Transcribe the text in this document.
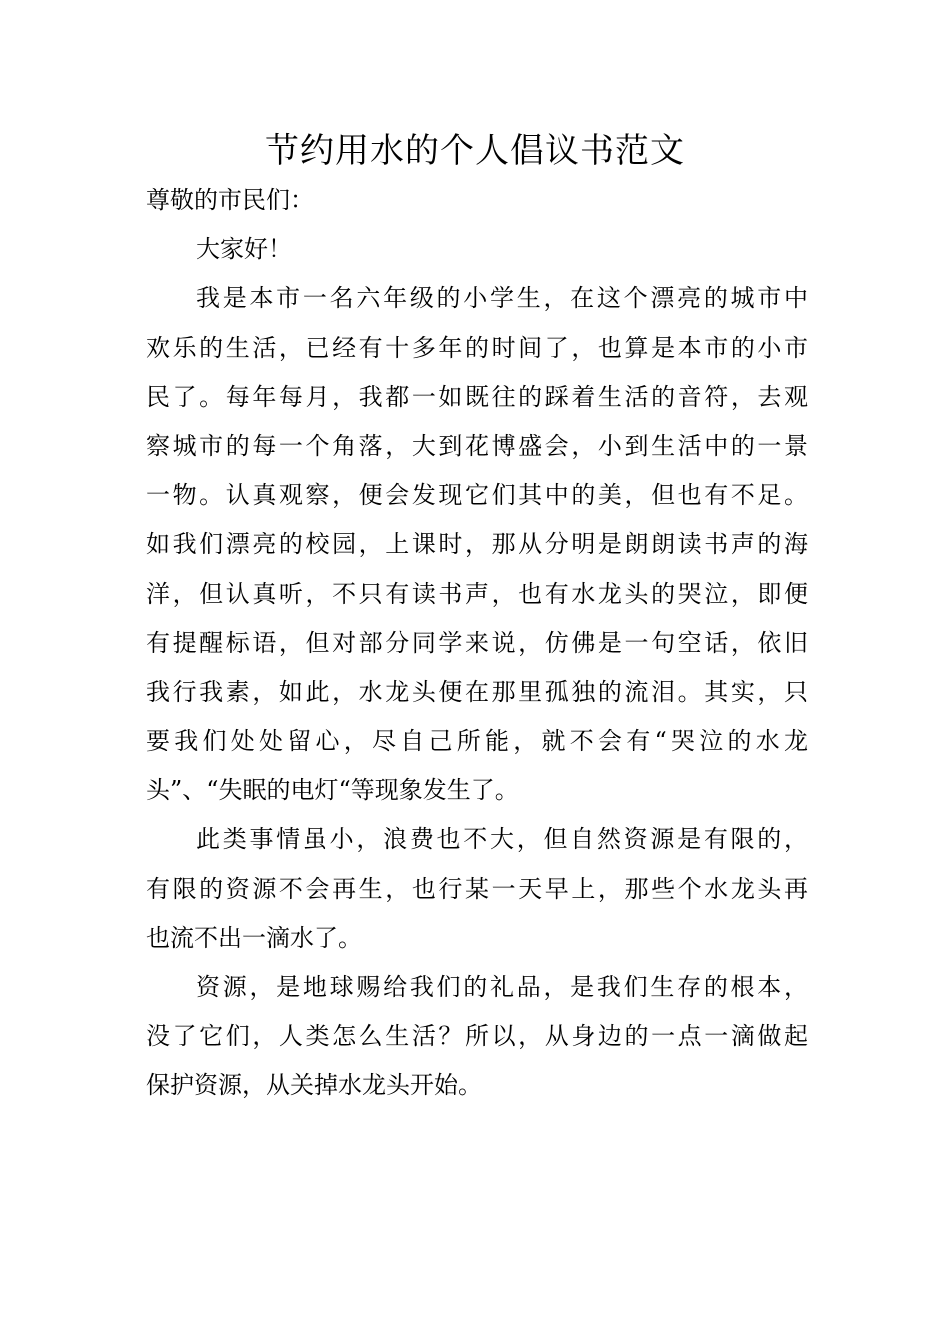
节约用水的个人倡议书范文
尊敬的市民们：
大家好！
我是本市一名六年级的小学生，在这个漂亮的城市中
欢乐的生活，已经有十多年的时间了，也算是本市的小市
民了。每年每月，我都一如既往的踩着生活的音符，去观
察城市的每一个角落，大到花博盛会，小到生活中的一景
一物。认真观察，便会发现它们其中的美，但也有不足。
如我们漂亮的校园，上课时，那从分明是朗朗读书声的海
洋，但认真听，不只有读书声，也有水龙头的哭泣，即便
有提醒标语，但对部分同学来说，仿佛是一句空话，依旧
我行我素，如此，水龙头便在那里孤独的流泪。其实，只
要我们处处留心，尽自己所能，就不会有“哭泣的水龙
头”、“失眠的电灯“等现象发生了。
此类事情虽小，浪费也不大，但自然资源是有限的，
有限的资源不会再生，也行某一天早上，那些个水龙头再
也流不出一滴水了。
资源，是地球赐给我们的礼品，是我们生存的根本，
没了它们，人类怎么生活？所以，从身边的一点一滴做起
保护资源，从关掉水龙头开始。
